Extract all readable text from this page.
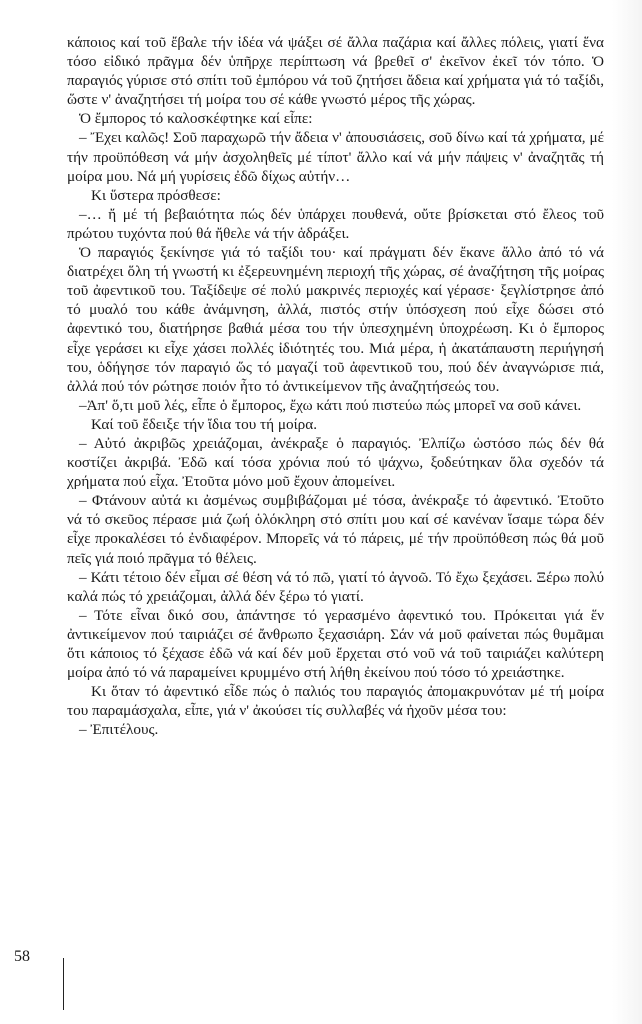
κάποιος καί τοῦ ἔβαλε τήν ἰδέα νά ψάξει σέ ἄλλα παζάρια καί ἄλλες πόλεις, γιατί ἕνα τόσο εἰδικό πρᾶγμα δέν ὑπῆρχε περίπτωση νά βρεθεῖ σ' ἐκεῖνον ἐκεῖ τόν τόπο. Ὁ παραγιός γύρισε στό σπίτι τοῦ ἐμπόρου νά τοῦ ζητήσει ἄδεια καί χρήματα γιά τό ταξίδι, ὥστε ν' ἀναζητήσει τή μοίρα του σέ κάθε γνωστό μέρος τῆς χώρας.

Ὁ ἔμπορος τό καλοσκέφτηκε καί εἶπε:

– Ἔχει καλῶς! Σοῦ παραχωρῶ τήν ἄδεια ν' ἀπουσιάσεις, σοῦ δίνω καί τά χρήματα, μέ τήν προϋπόθεση νά μήν ἀσχοληθεῖς μέ τίποτ' ἄλλο καί νά μήν πάψεις ν' ἀναζητᾶς τή μοίρα μου. Νά μή γυρίσεις ἐδῶ δίχως αὐτήν…

Κι ὕστερα πρόσθεσε:

–… ἤ μέ τή βεβαιότητα πώς δέν ὑπάρχει πουθενά, οὔτε βρίσκεται στό ἔλεος τοῦ πρώτου τυχόντα πού θά ἤθελε νά τήν ἁδράξει.

Ὁ παραγιός ξεκίνησε γιά τό ταξίδι του· καί πράγματι δέν ἔκανε ἄλλο ἀπό τό νά διατρέχει ὅλη τή γνωστή κι ἐξερευνημένη περιοχή τῆς χώρας, σέ ἀναζήτηση τῆς μοίρας τοῦ ἀφεντικοῦ του. Ταξίδεψε σέ πολύ μακρινές περιοχές καί γέρασε· ξεγλίστρησε ἀπό τό μυαλό του κάθε ἀνάμνηση, ἀλλά, πιστός στήν ὑπόσχεση πού εἶχε δώσει στό ἀφεντικό του, διατήρησε βαθιά μέσα του τήν ὑπεσχημένη ὑποχρέωση. Κι ὁ ἔμπορος εἶχε γεράσει κι εἶχε χάσει πολλές ἰδιότητές του. Μιά μέρα, ἡ ἀκατάπαυστη περιήγησή του, ὁδήγησε τόν παραγιό ὥς τό μαγαζί τοῦ ἀφεντικοῦ του, πού δέν ἀναγνώρισε πιά, ἀλλά πού τόν ρώτησε ποιόν ἦτο τό ἀντικείμενον τῆς ἀναζητήσεώς του.

–Ἀπ' ὅ,τι μοῦ λές, εἶπε ὁ ἔμπορος, ἔχω κάτι πού πιστεύω πώς μπορεῖ να σοῦ κάνει.

Καί τοῦ ἔδειξε τήν ἴδια του τή μοίρα.

– Αὐτό ἀκριβῶς χρειάζομαι, ἀνέκραξε ὁ παραγιός. Ἐλπίζω ὡστόσο πώς δέν θά κοστίζει ἀκριβά. Ἐδῶ καί τόσα χρόνια πού τό ψάχνω, ξοδεύτηκαν ὅλα σχεδόν τά χρήματα πού εἶχα. Ἐτοῦτα μόνο μοῦ ἔχουν ἀπομείνει.

– Φτάνουν αὐτά κι ἀσμένως συμβιβάζομαι μέ τόσα, ἀνέκραξε τό ἀφεντικό. Ἐτοῦτο νά τό σκεῦος πέρασε μιά ζωή ὁλόκληρη στό σπίτι μου καί σέ κανέναν ἴσαμε τώρα δέν εἶχε προκαλέσει τό ἐνδιαφέρον. Μπορεῖς νά τό πάρεις, μέ τήν προϋπόθεση πώς θά μοῦ πεῖς γιά ποιό πρᾶγμα τό θέλεις.

– Κάτι τέτοιο δέν εἶμαι σέ θέση νά τό πῶ, γιατί τό ἀγνοῶ. Τό ἔχω ξεχάσει. Ξέρω πολύ καλά πώς τό χρειάζομαι, ἀλλά δέν ξέρω τό γιατί.

– Τότε εἶναι δικό σου, ἀπάντησε τό γερασμένο ἀφεντικό του. Πρόκειται γιά ἕν ἀντικείμενον πού ταιριάζει σέ ἄνθρωπο ξεχασιάρη. Σάν νά μοῦ φαίνεται πώς θυμᾶμαι ὅτι κάποιος τό ξέχασε ἐδῶ νά καί δέν μοῦ ἔρχεται στό νοῦ νά τοῦ ταιριάζει καλύτερη μοίρα ἀπό τό νά παραμείνει κρυμμένο στή λήθη ἐκείνου πού τόσο τό χρειάστηκε.

Κι ὅταν τό ἀφεντικό εἶδε πώς ὁ παλιός του παραγιός ἀπομακρυνόταν μέ τή μοίρα του παραμάσχαλα, εἶπε, γιά ν' ἀκούσει τίς συλλαβές νά ἠχοῦν μέσα του:

– Ἐπιτέλους.

58
